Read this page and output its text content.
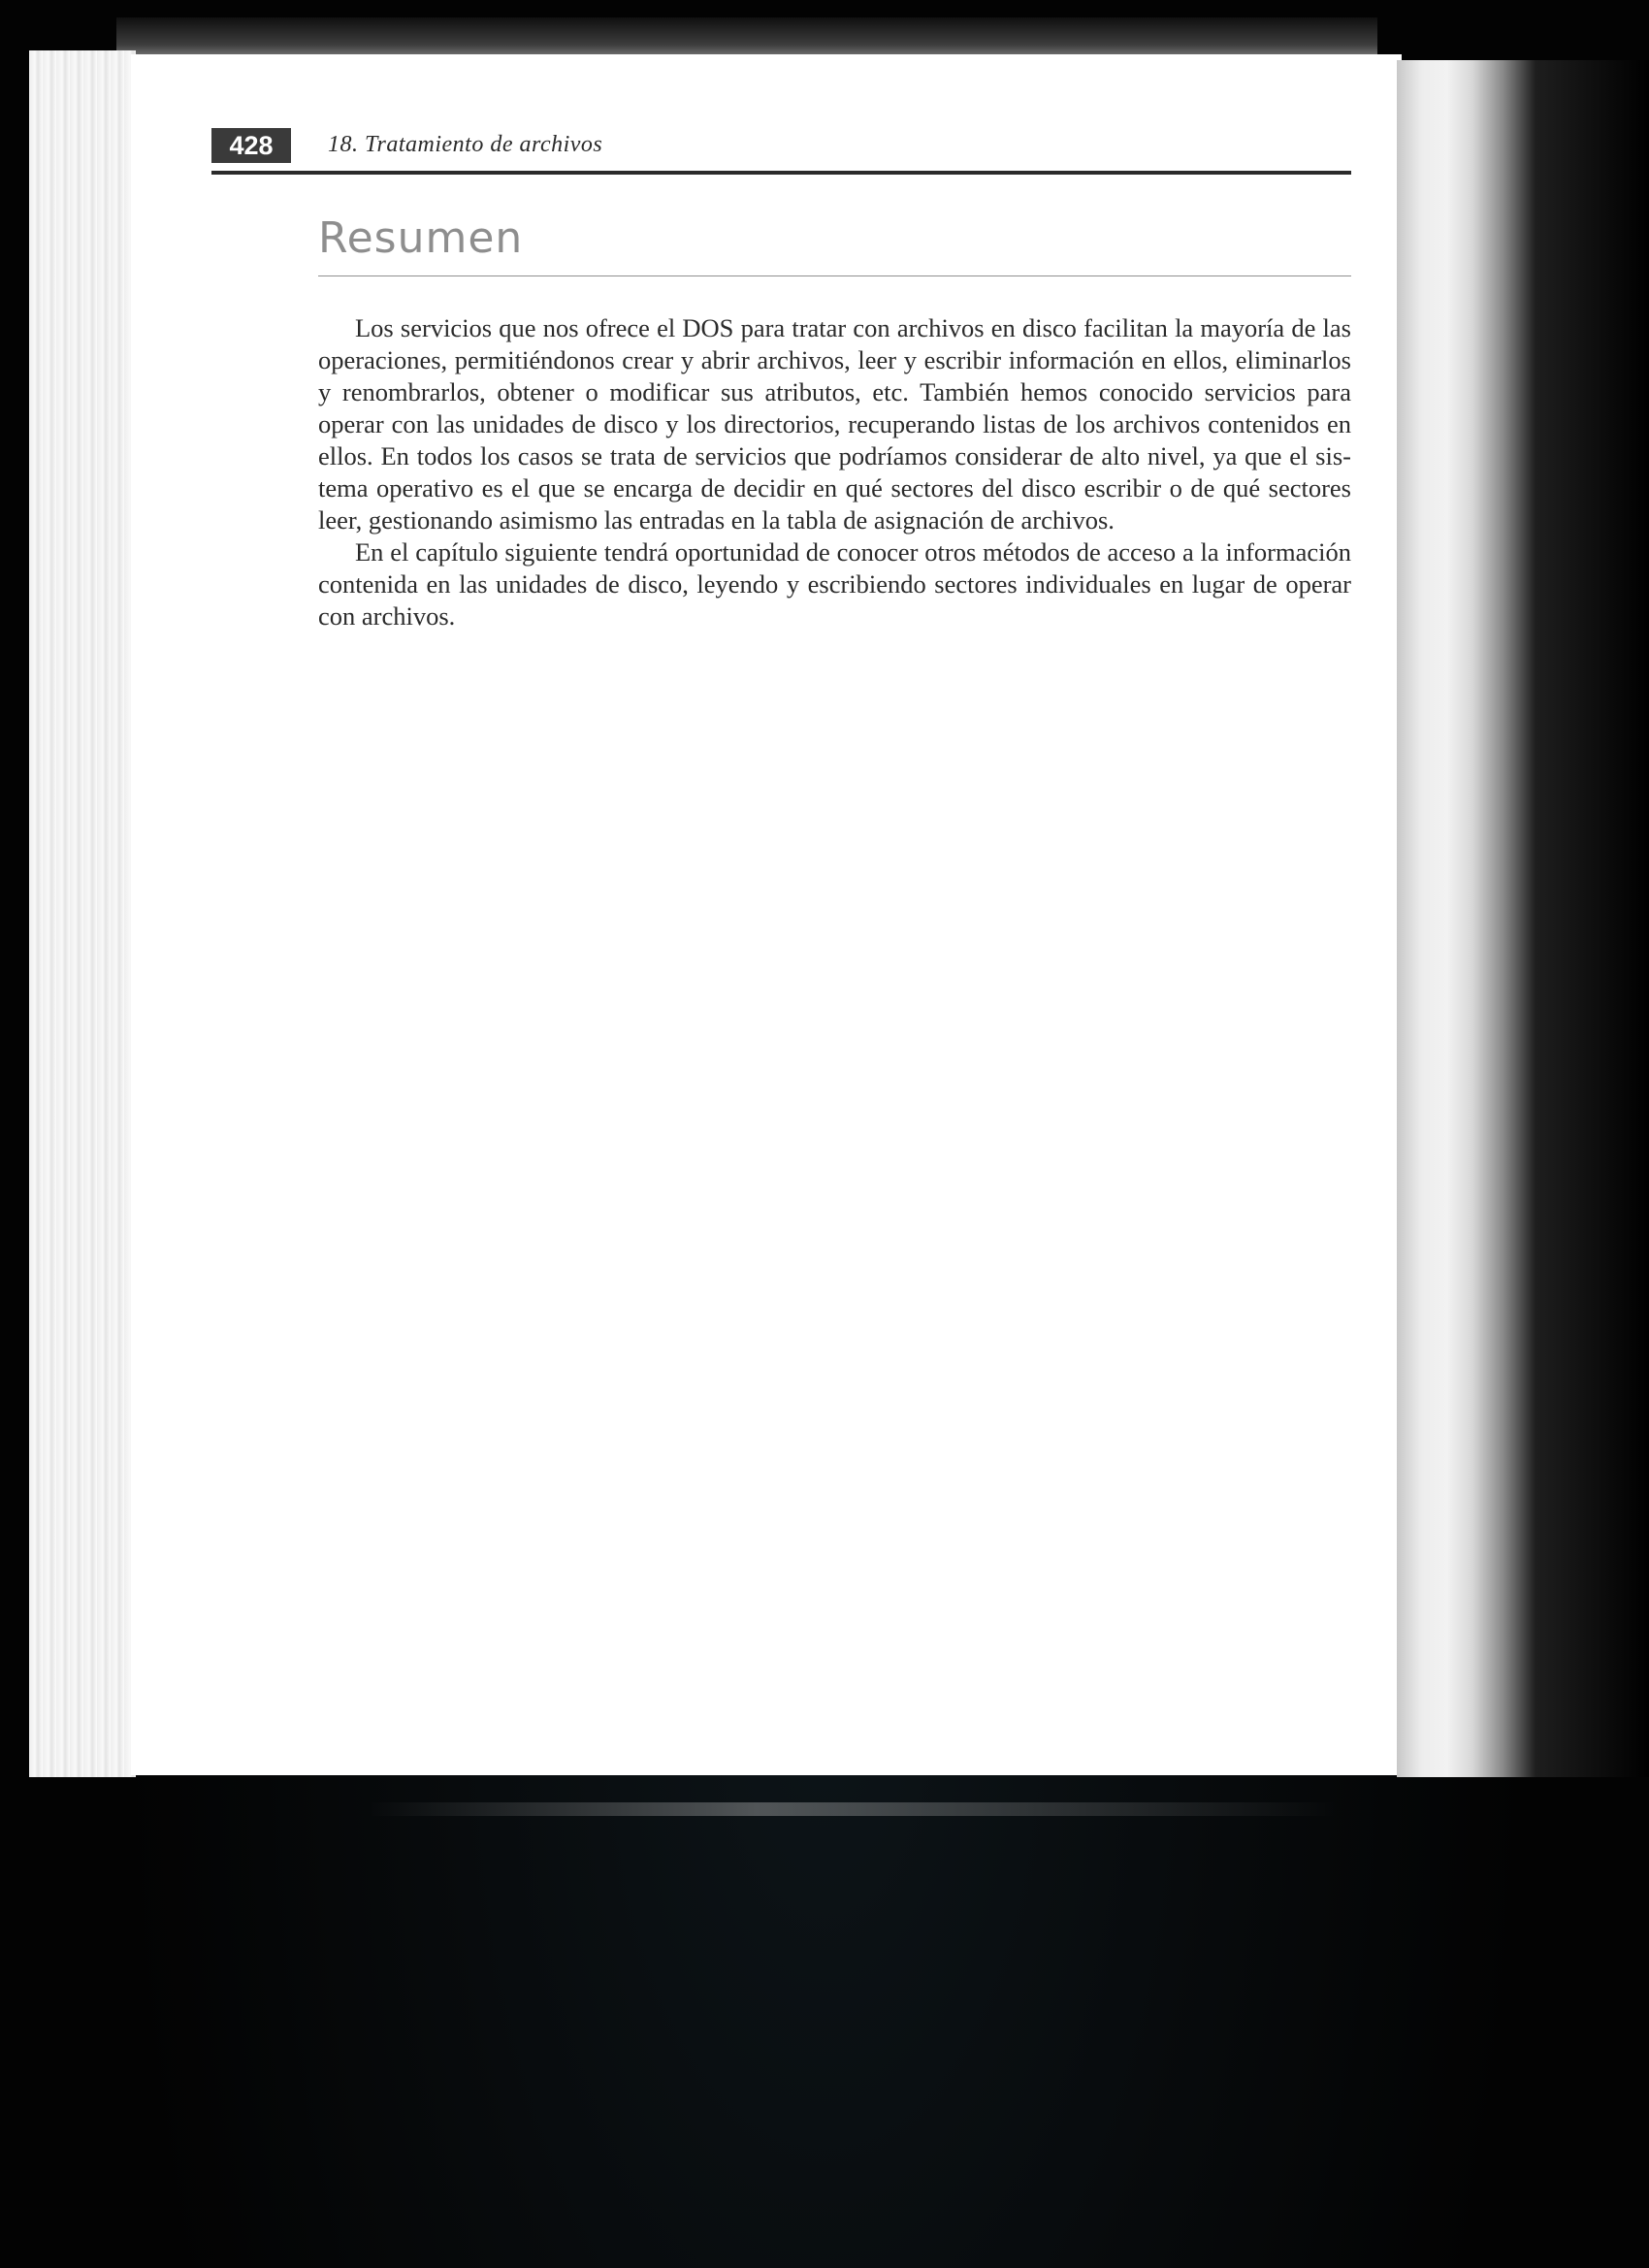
428	18. Tratamiento de archivos
Resumen

Los servicios que nos ofrece el DOS para tratar con archivos en disco facilitan la mayoría de las operaciones, permitiéndonos crear y abrir archivos, leer y escribir información en ellos, eliminarlos y renombrarlos, obtener o modificar sus atributos, etc. También hemos conocido servicios para operar con las unidades de disco y los directorios, recuperando listas de los archivos contenidos en ellos. En todos los casos se trata de servicios que podríamos considerar de alto nivel, ya que el sistema operativo es el que se encarga de decidir en qué sectores del disco escribir o de qué sectores leer, gestionando asimismo las entradas en la tabla de asignación de archivos.

En el capítulo siguiente tendrá oportunidad de conocer otros métodos de acceso a la información contenida en las unidades de disco, leyendo y escribiendo sectores individuales en lugar de operar con archivos.
